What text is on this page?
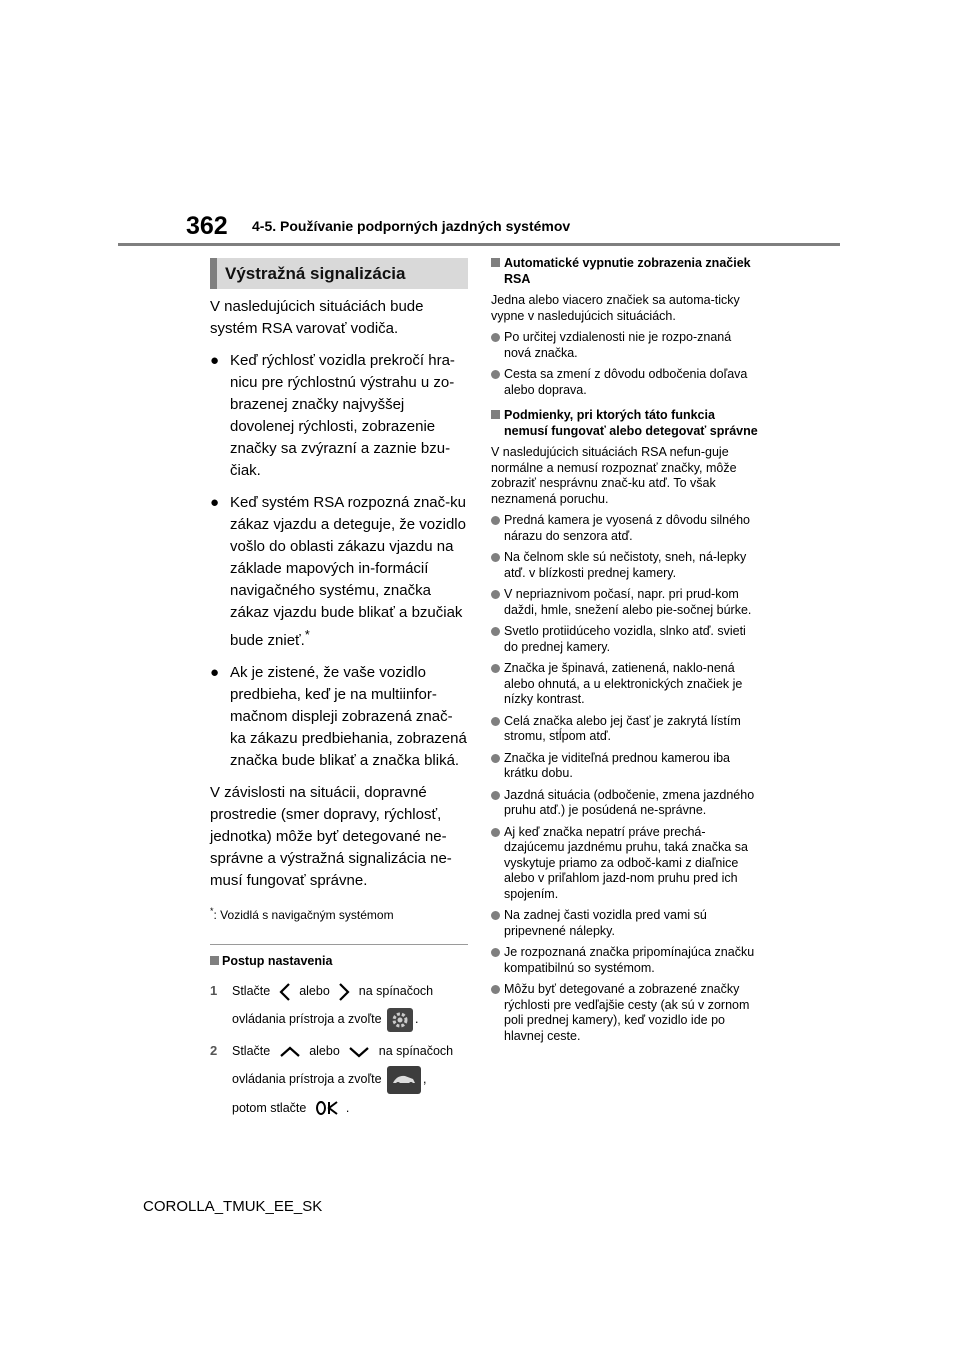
362 4-5. Používanie podporných jazdných systémov
Výstražná signalizácia

V nasledujúcich situáciách bude systém RSA varovať vodiča.

● Keď rýchlosť vozidla prekročí hra-nicu pre rýchlostnú výstrahu u zo-brazenej značky najvyššej dovolenej rýchlosti, zobrazenie značky sa zvýrazní a zaznie bzu-čiak.
● Keď systém RSA rozpozná znač-ku zákaz vjazdu a deteguje, že vozidlo vošlo do oblasti zákazu vjazdu na základe mapových in-formácií navigačného systému, značka zákaz vjazdu bude blikať a bzučiak bude znieť.*
● Ak je zistené, že vaše vozidlo predbieha, keď je na multiinfor-mačnom displeji zobrazená znač-ka zákazu predbiehania, zobrazená značka bude blikať a značka bliká.

V závislosti na situácii, dopravné prostredie (smer dopravy, rýchlosť, jednotka) môže byť detegované ne-správne a výstražná signalizácia ne-musí fungovať správne.

*: Vozidlá s navigačným systémom
Postup nastavenia
1 Stlačte alebo na spínačoch
ovládania prístroja a zvoľte	.
2 Stlačte	alebo	na spínačoch
ovládania prístroja a zvoľte	,
potom stlačte	.
Automatické vypnutie zobrazenia značiek RSA

Jedna alebo viacero značiek sa automa-ticky vypne v nasledujúcich situáciách.

Po určitej vzdialenosti nie je rozpo-znaná nová značka.
Cesta sa zmení z dôvodu odbočenia doľava alebo doprava.
Podmienky, pri ktorých táto funkcia nemusí fungovať alebo detegovať správne

V nasledujúcich situáciách RSA nefun-guje normálne a nemusí rozpoznať značky, môže zobraziť nesprávnu znač-ku atď. To však neznamená poruchu.

Predná kamera je vyosená z dôvodu silného nárazu do senzora atď.
Na čelnom skle sú nečistoty, sneh, ná-lepky atď. v blízkosti prednej kamery.
V nepriaznivom počasí, napr. pri prud-kom daždi, hmle, snežení alebo pie-sočnej búrke.
Svetlo protiidúceho vozidla, slnko atď. svieti do prednej kamery.
Značka je špinavá, zatienená, naklo-nená alebo ohnutá, a u elektronických značiek je nízky kontrast.
Celá značka alebo jej časť je zakrytá lístím stromu, stĺpom atď.
Značka je viditeľná prednou kamerou iba krátku dobu.
Jazdná situácia (odbočenie, zmena jazdného pruhu atď.) je posúdená ne-správne.
Aj keď značka nepatrí práve prechá-dzajúcemu jazdnému pruhu, taká značka sa vyskytuje priamo za odboč-kami z diaľnice alebo v priľahlom jazd-nom pruhu pred ich spojením.
Na zadnej časti vozidla pred vami sú pripevnené nálepky.
Je rozpoznaná značka pripomínajúca značku kompatibilnú so systémom.
Môžu byť detegované a zobrazené značky rýchlosti pre vedľajšie cesty (ak sú v zornom poli prednej kamery), keď vozidlo ide po hlavnej ceste.
COROLLA_TMUK_EE_SK
